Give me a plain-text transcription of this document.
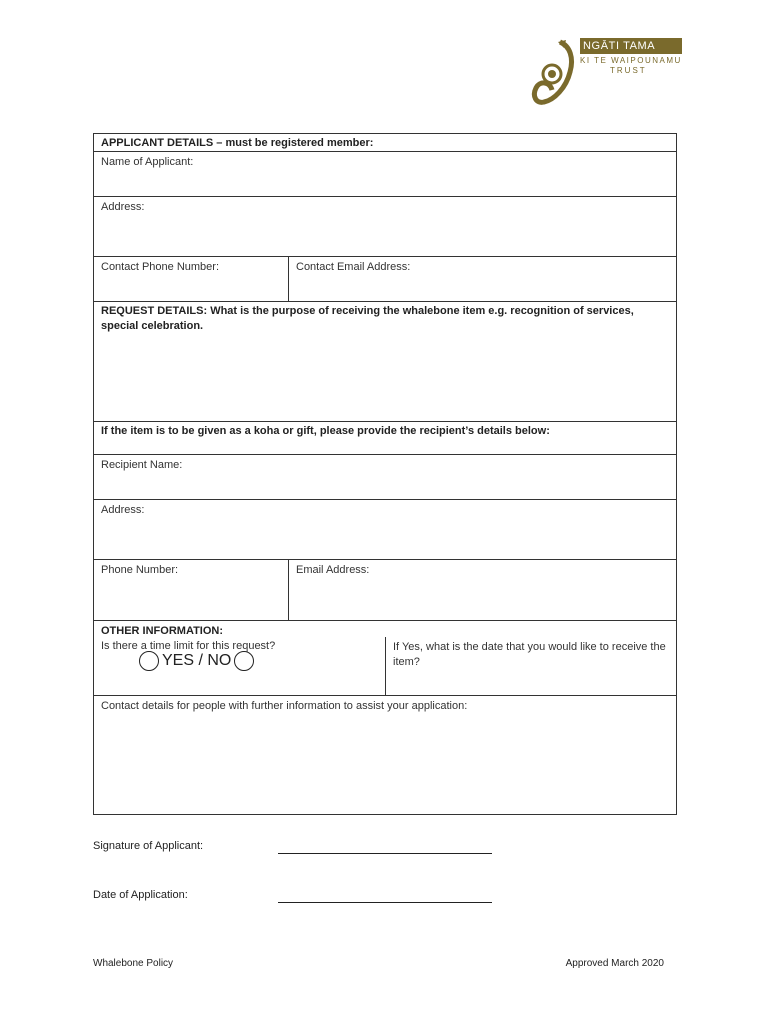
NGĀTI TAMA
KI TE WAIPOUNAMU
TRUST
APPLICANT DETAILS – must be registered member:
Name of Applicant:
Address:
Contact Phone Number:	Contact Email Address:
REQUEST DETAILS: What is the purpose of receiving the whalebone item e.g. recognition of services, special celebration.
If the item is to be given as a koha or gift, please provide the recipient’s details below:
Recipient Name:
Address:
Phone Number:	Email Address:
OTHER INFORMATION:
Is there a time limit for this request?
YES / NO
If Yes, what is the date that you would like to receive the item?
Contact details for people with further information to assist your application:
Signature of Applicant:
Date of Application:
Whalebone Policy	Approved March 2020
